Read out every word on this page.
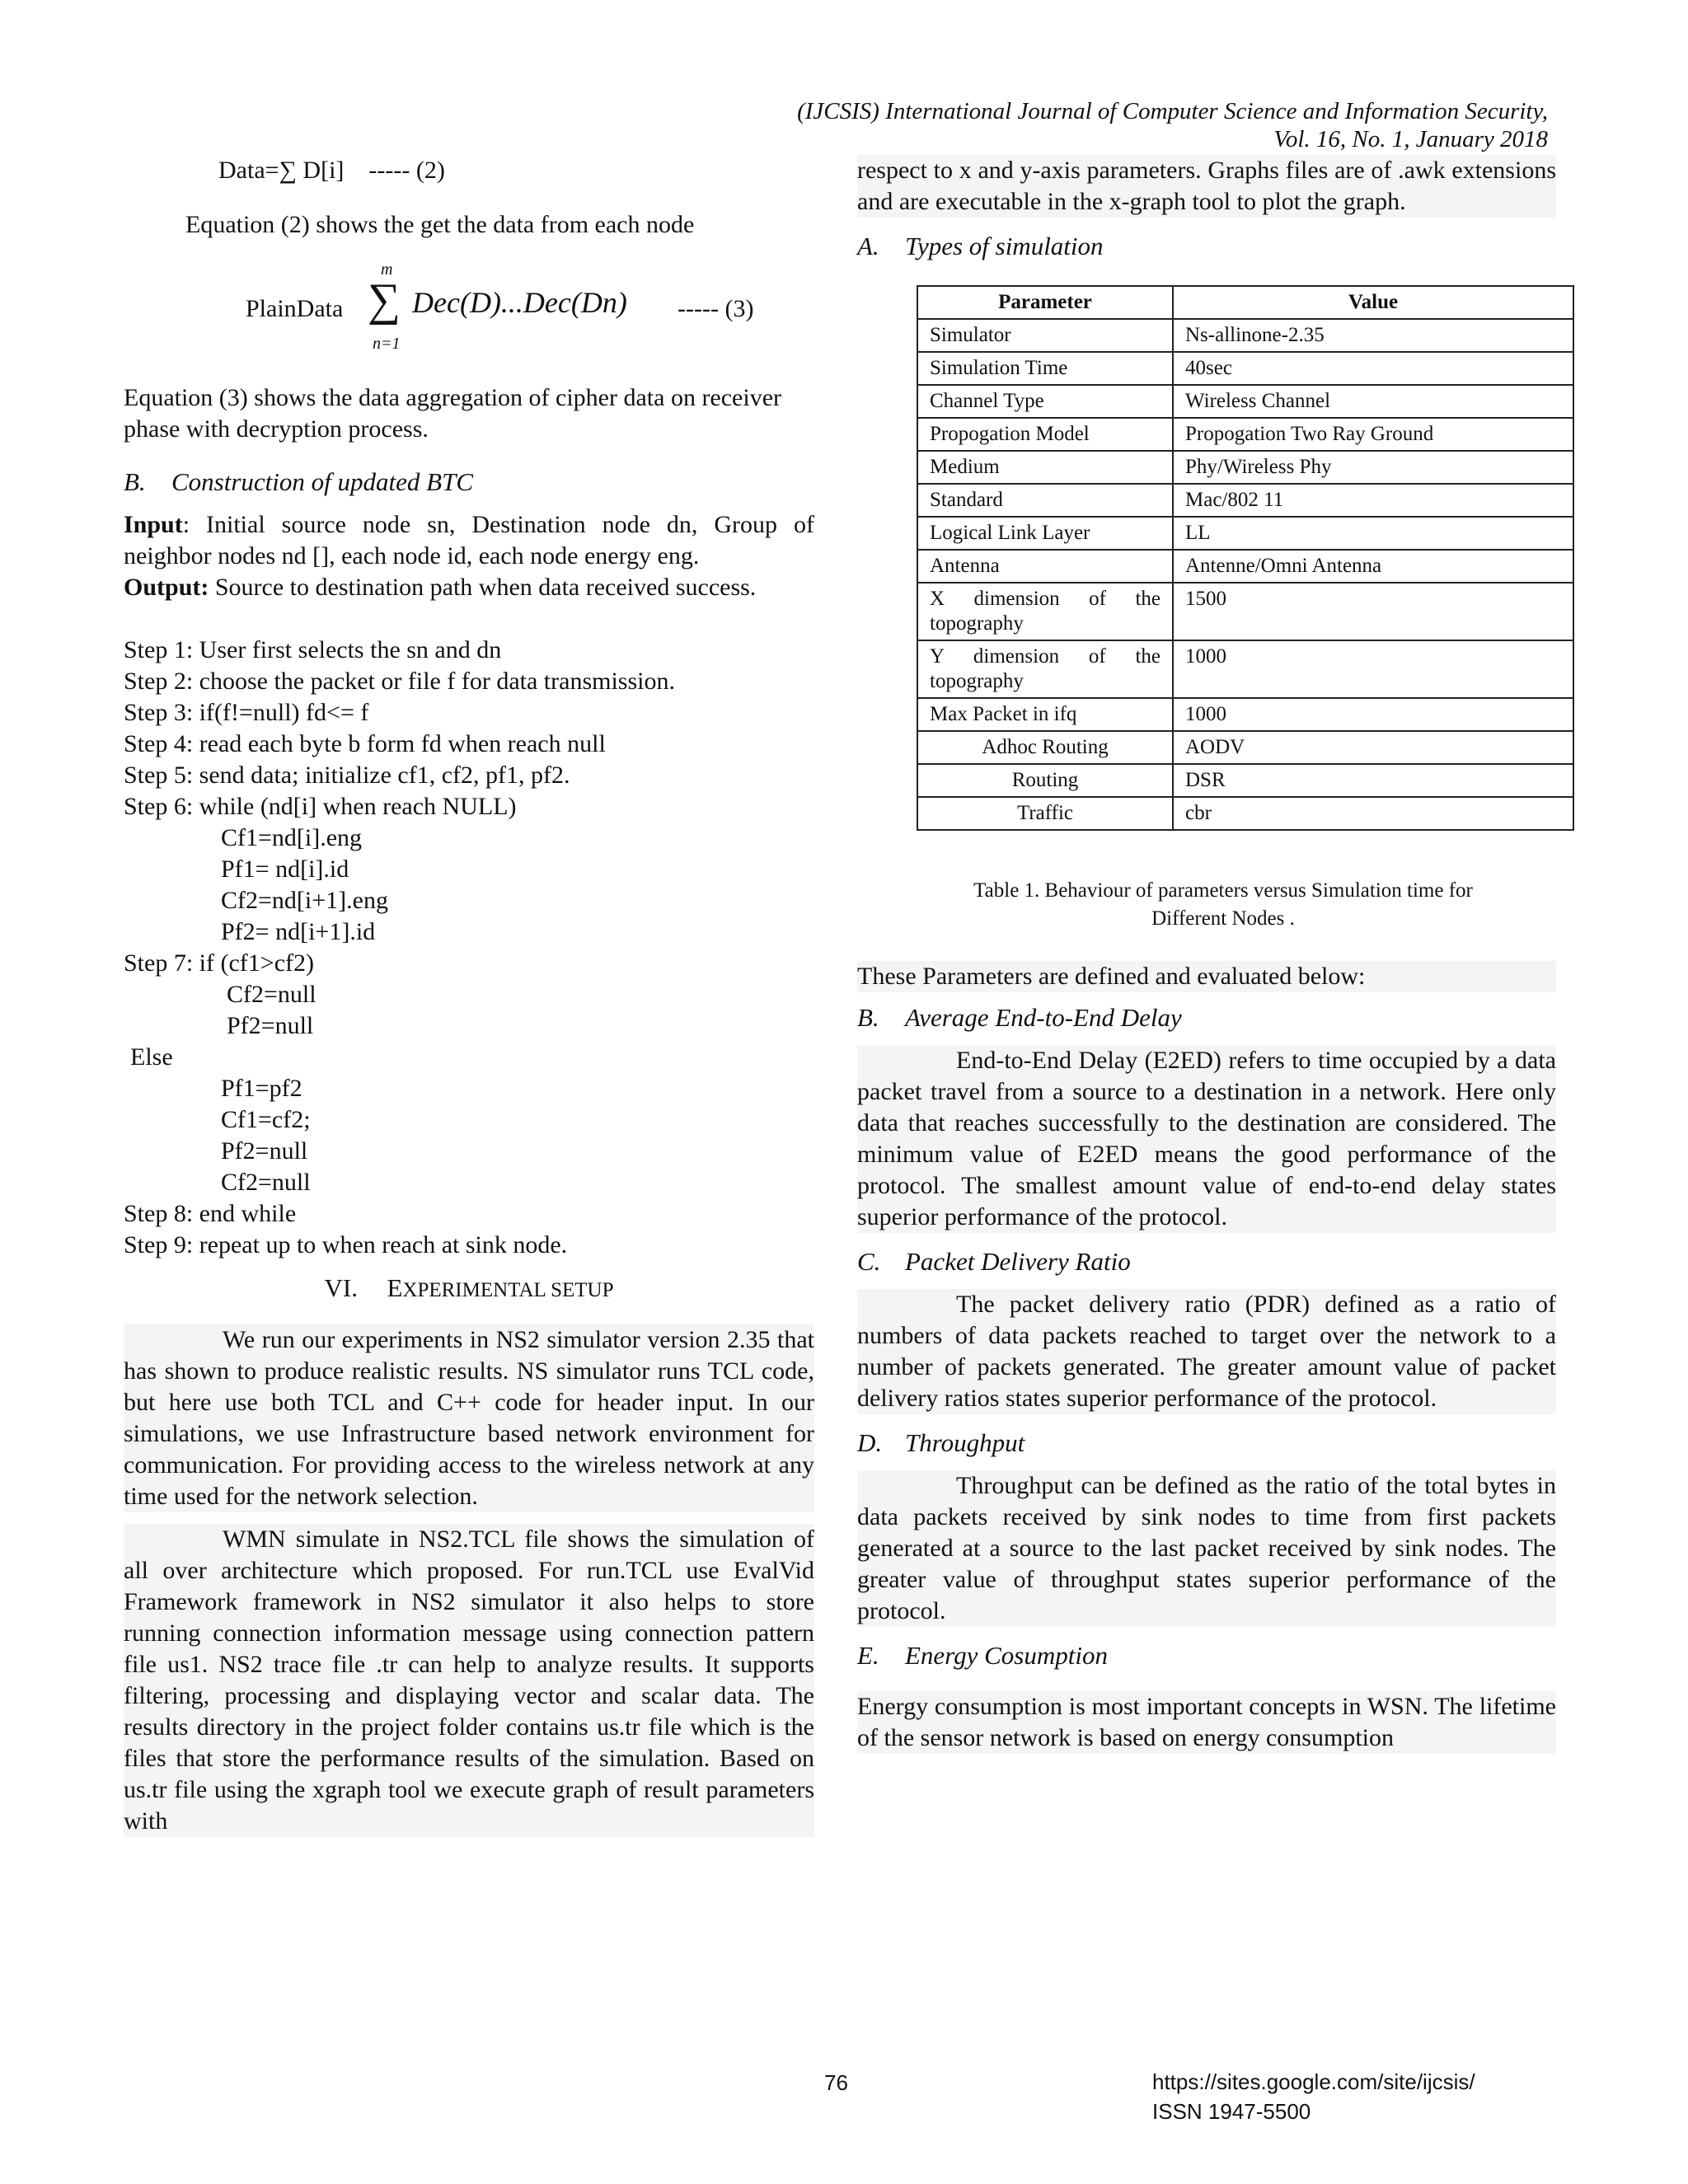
(IJCSIS) International Journal of Computer Science and Information Security,
Vol. 16, No. 1, January 2018

Data=∑ D[i]    ----- (2)

Equation (2) shows the get the data from each node

PlainData
m
∑
n=1
Dec(D)...Dec(Dn) ----- (3)

Equation (3) shows the data aggregation of cipher data on receiver phase with decryption process.

B. Construction of updated BTC

Input: Initial source node sn, Destination node dn, Group of neighbor nodes nd [], each node id, each node energy eng.

Output: Source to destination path when data received success.

Step 1: User first selects the sn and dn

Step 2: choose the packet or file f for data transmission.

Step 3: if(f!=null) fd<= f

Step 4: read each byte b form fd when reach null

Step 5: send data; initialize cf1, cf2, pf1, pf2.

Step 6: while (nd[i] when reach NULL)

Cf1=nd[i].eng

Pf1= nd[i].id

Cf2=nd[i+1].eng

Pf2= nd[i+1].id

Step 7: if (cf1>cf2)

Cf2=null

Pf2=null

Else

Pf1=pf2

Cf1=cf2;

Pf2=null

Cf2=null

Step 8: end while

Step 9: repeat up to when reach at sink node.

VI. EXPERIMENTAL SETUP

We run our experiments in NS2 simulator version 2.35 that has shown to produce realistic results. NS simulator runs TCL code, but here use both TCL and C++ code for header input. In our simulations, we use Infrastructure based network environment for communication. For providing access to the wireless network at any time used for the network selection.

WMN simulate in NS2.TCL file shows the simulation of all over architecture which proposed. For run.TCL use EvalVid Framework framework in NS2 simulator it also helps to store running connection information message using connection pattern file us1. NS2 trace file .tr can help to analyze results. It supports filtering, processing and displaying vector and scalar data. The results directory in the project folder contains us.tr file which is the files that store the performance results of the simulation. Based on us.tr file using the xgraph tool we execute graph of result parameters with

respect to x and y-axis parameters. Graphs files are of .awk extensions and are executable in the x-graph tool to plot the graph.

A. Types of simulation
Parameter	Value
Simulator	Ns-allinone-2.35
Simulation Time	40sec
Channel Type	Wireless Channel
Propogation Model	Propogation Two Ray Ground
Medium	Phy/Wireless Phy
Standard	Mac/802 11
Logical Link Layer	LL
Antenna	Antenne/Omni Antenna
X dimension of the topography	1500
Y dimension of the topography	1000
Max Packet in ifq	1000
Adhoc Routing	AODV
Routing	DSR
Traffic	cbr
Table 1. Behaviour of parameters versus Simulation time for
Different Nodes .

These Parameters are defined and evaluated below:

B. Average End-to-End Delay

End-to-End Delay (E2ED) refers to time occupied by a data packet travel from a source to a destination in a network. Here only data that reaches successfully to the destination are considered. The minimum value of E2ED means the good performance of the protocol. The smallest amount value of end-to-end delay states superior performance of the protocol.

C. Packet Delivery Ratio

The packet delivery ratio (PDR) defined as a ratio of numbers of data packets reached to target over the network to a number of packets generated. The greater amount value of packet delivery ratios states superior performance of the protocol.

D. Throughput

Throughput can be defined as the ratio of the total bytes in data packets received by sink nodes to time from first packets generated at a source to the last packet received by sink nodes. The greater value of throughput states superior performance of the protocol.

E. Energy Cosumption

Energy consumption is most important concepts in WSN. The lifetime of the sensor network is based on energy consumption

76	https://sites.google.com/site/ijcsis/
ISSN 1947-5500
